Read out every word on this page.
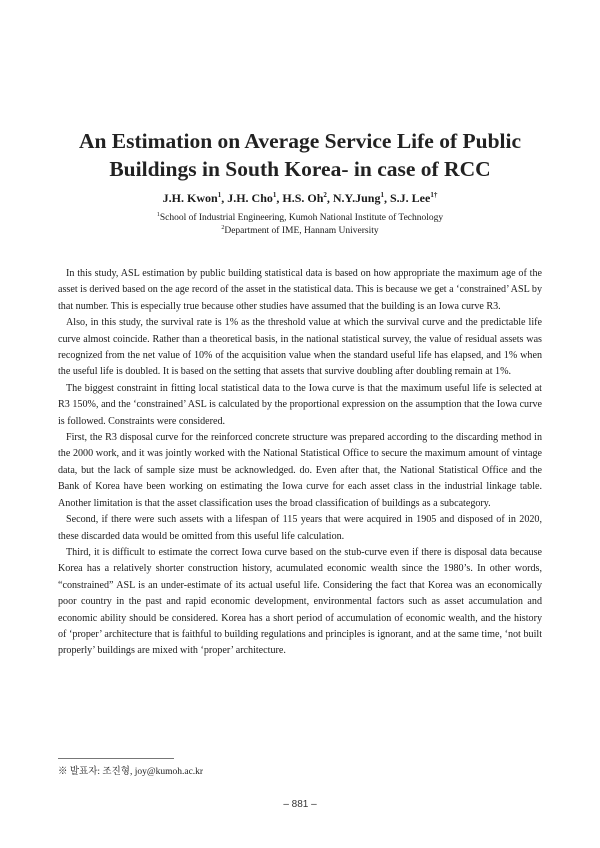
An Estimation on Average Service Life of Public
Buildings in South Korea- in case of RCC
J.H. Kwon$^1$, J.H. Cho$^1$, H.S. Oh$^2$, N.Y.Jung$^1$, S.J. Lee$^{1\dagger}$
$^1$School of Industrial Engineering, Kumoh National Institute of Technology
$^2$Department of IME, Hannam University

In this study, ASL estimation by public building statistical data is based on how appropriate the maximum age of the asset is derived based on the age record of the asset in the statistical data. This is because we get a ‘constrained’ ASL by that number. This is especially true because other studies have assumed that the building is an Iowa curve R3.

Also, in this study, the survival rate is 1% as the threshold value at which the survival curve and the predictable life curve almost coincide. Rather than a theoretical basis, in the national statistical survey, the value of residual assets was recognized from the net value of 10% of the acquisition value when the standard useful life has elapsed, and 1% when the useful life is doubled. It is based on the setting that assets that survive doubling after doubling remain at 1%.

The biggest constraint in fitting local statistical data to the Iowa curve is that the maximum useful life is selected at R3 150%, and the ‘constrained’ ASL is calculated by the proportional expression on the assumption that the Iowa curve is followed. Constraints were considered.

First, the R3 disposal curve for the reinforced concrete structure was prepared according to the discarding method in the 2000 work, and it was jointly worked with the National Statistical Office to secure the maximum amount of vintage data, but the lack of sample size must be acknowledged. do. Even after that, the National Statistical Office and the Bank of Korea have been working on estimating the Iowa curve for each asset class in the industrial linkage table. Another limitation is that the asset classification uses the broad classification of buildings as a subcategory.

Second, if there were such assets with a lifespan of 115 years that were acquired in 1905 and disposed of in 2020, these discarded data would be omitted from this useful life calculation.

Third, it is difficult to estimate the correct Iowa curve based on the stub-curve even if there is disposal data because Korea has a relatively shorter construction history, acumulated economic wealth since the 1980’s. In other words, “constrained” ASL is an under-estimate of its actual useful life. Considering the fact that Korea was an economically poor country in the past and rapid economic development, environmental factors such as asset accumulation and economic ability should be considered. Korea has a short period of accumulation of economic wealth, and the history of ‘proper’ architecture that is faithful to building regulations and principles is ignorant, and at the same time, ‘not built properly’ buildings are mixed with ‘proper’ architecture.

※ 발표자: 조진형, joy@kumoh.ac.kr
– 881 –
